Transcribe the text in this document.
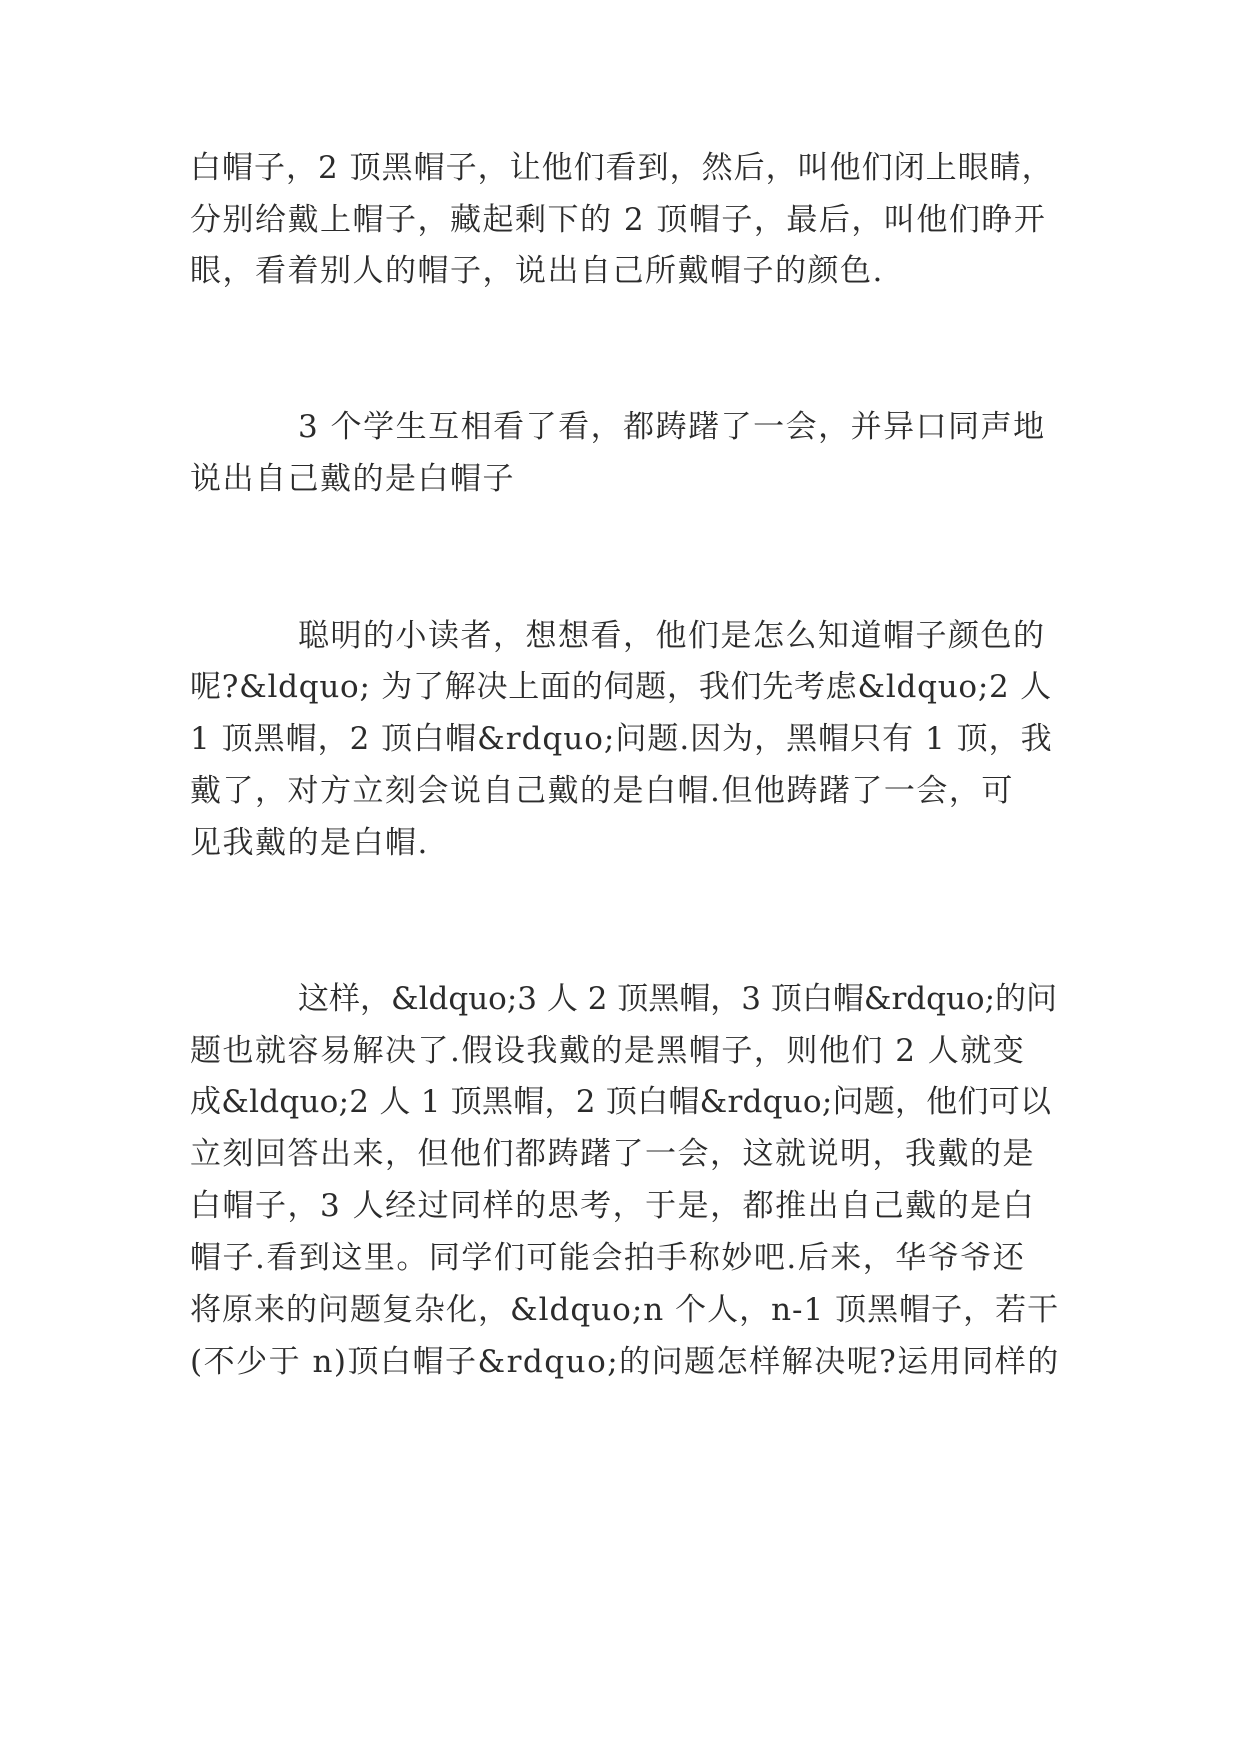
白帽子，2 顶黑帽子，让他们看到，然后，叫他们闭上眼睛，
分别给戴上帽子，藏起剩下的 2 顶帽子，最后，叫他们睁开
眼，看着别人的帽子，说出自己所戴帽子的颜色.
3 个学生互相看了看，都踌躇了一会，并异口同声地
说出自己戴的是白帽子
聪明的小读者，想想看，他们是怎么知道帽子颜色的
呢?&ldquo; 为了解决上面的伺题，我们先考虑&ldquo;2 人
1 顶黑帽，2 顶白帽&rdquo;问题.因为，黑帽只有 1 顶，我
戴了，对方立刻会说自己戴的是白帽.但他踌躇了一会，可
见我戴的是白帽.
这样，&ldquo;3 人 2 顶黑帽，3 顶白帽&rdquo;的问
题也就容易解决了.假设我戴的是黑帽子，则他们 2 人就变
成&ldquo;2 人 1 顶黑帽，2 顶白帽&rdquo;问题，他们可以
立刻回答出来，但他们都踌躇了一会，这就说明，我戴的是
白帽子，3 人经过同样的思考，于是，都推出自己戴的是白
帽子.看到这里。同学们可能会拍手称妙吧.后来，华爷爷还
将原来的问题复杂化，&ldquo;n 个人，n-1 顶黑帽子，若干
(不少于 n)顶白帽子&rdquo;的问题怎样解决呢?运用同样的
